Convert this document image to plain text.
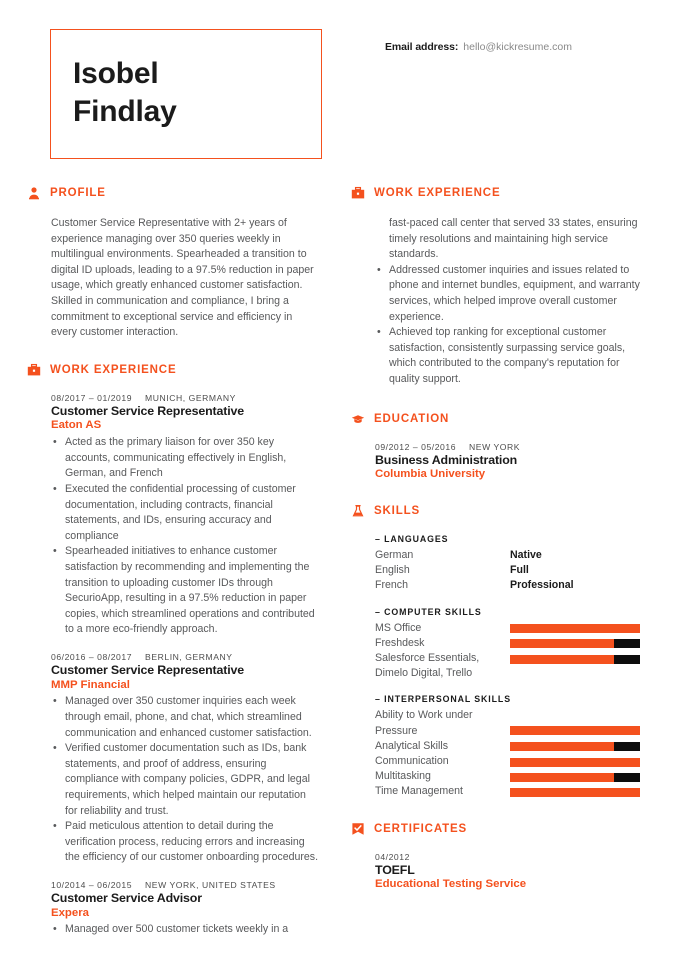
Isobel
Findlay
Email address: hello@kickresume.com
PROFILE
Customer Service Representative with 2+ years of experience managing over 350 queries weekly in multilingual environments. Spearheaded a transition to digital ID uploads, leading to a 97.5% reduction in paper usage, which greatly enhanced customer satisfaction. Skilled in communication and compliance, I bring a commitment to exceptional service and efficiency in every customer interaction.
WORK EXPERIENCE
08/2017 – 01/2019 MUNICH, GERMANY
Customer Service Representative
Eaton AS
• Acted as the primary liaison for over 350 key accounts, communicating effectively in English, German, and French
• Executed the confidential processing of customer documentation, including contracts, financial statements, and IDs, ensuring accuracy and compliance
• Spearheaded initiatives to enhance customer satisfaction by recommending and implementing the transition to uploading customer IDs through SecurioApp, resulting in a 97.5% reduction in paper copies, which streamlined operations and contributed to a more eco-friendly approach.
06/2016 – 08/2017 BERLIN, GERMANY
Customer Service Representative
MMP Financial
• Managed over 350 customer inquiries each week through email, phone, and chat, which streamlined communication and enhanced customer satisfaction.
• Verified customer documentation such as IDs, bank statements, and proof of address, ensuring compliance with company policies, GDPR, and legal requirements, which helped maintain our reputation for reliability and trust.
• Paid meticulous attention to detail during the verification process, reducing errors and increasing the efficiency of our customer onboarding procedures.
10/2014 – 06/2015 NEW YORK, UNITED STATES
Customer Service Advisor
Expera
• Managed over 500 customer tickets weekly in a
WORK EXPERIENCE
fast-paced call center that served 33 states, ensuring timely resolutions and maintaining high service standards.
• Addressed customer inquiries and issues related to phone and internet bundles, equipment, and warranty services, which helped improve overall customer experience.
• Achieved top ranking for exceptional customer satisfaction, consistently surpassing service goals, which contributed to the company's reputation for quality support.
EDUCATION
09/2012 – 05/2016 NEW YORK
Business Administration
Columbia University
SKILLS
– LANGUAGES
German	Native
English	Full
French	Professional
– COMPUTER SKILLS
MS Office
Freshdesk
Salesforce Essentials, Dimelo Digital, Trello
– INTERPERSONAL SKILLS
Ability to Work under Pressure
Analytical Skills
Communication
Multitasking
Time Management
CERTIFICATES
04/2012
TOEFL
Educational Testing Service
